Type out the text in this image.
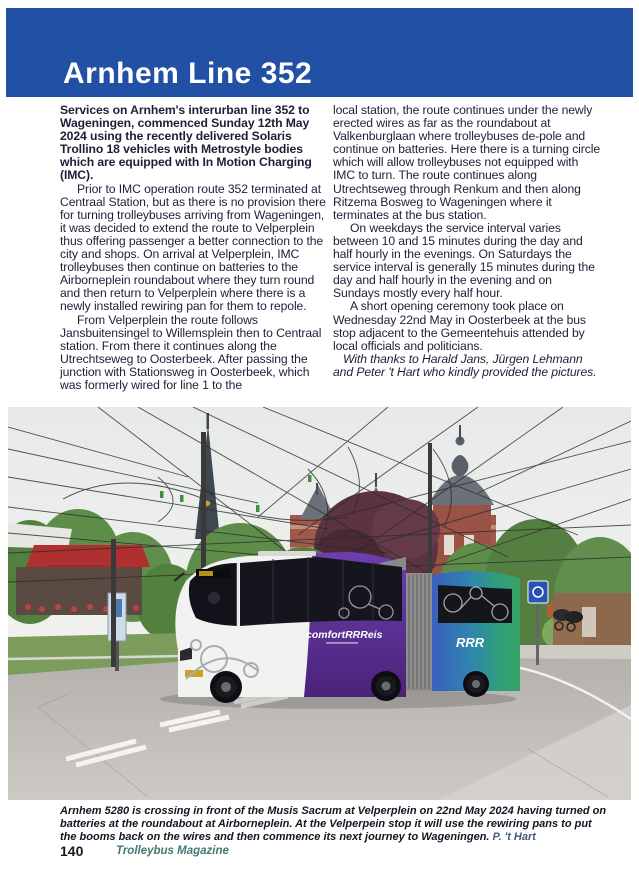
Arnhem Line 352

Services on Arnhem's interurban line 352 to Wageningen, commenced Sunday 12th May 2024 using the recently delivered Solaris Trollino 18 vehicles with Metrostyle bodies which are equipped with In Motion Charging (IMC).

Prior to IMC operation route 352 terminated at Centraal Station, but as there is no provision there for turning trolleybuses arriving from Wageningen, it was decided to extend the route to Velperplein thus offering passenger a better connection to the city and shops. On arrival at Velperplein, IMC trolleybuses then continue on batteries to the Airborneplein roundabout where they turn round and then return to Velperplein where there is a newly installed rewiring pan for them to repole.

From Velperplein the route follows Jansbuitensingel to Willemsplein then to Centraal station. From there it continues along the Utrechtseweg to Oosterbeek. After passing the junction with Stationsweg in Oosterbeek, which was formerly wired for line 1 to the

local station, the route continues under the newly erected wires as far as the roundabout at Valkenburglaan where trolleybuses de-pole and continue on batteries. Here there is a turning circle which will allow trolleybuses not equipped with IMC to turn. The route continues along Utrechtseweg through Renkum and then along Ritzema Bosweg to Wageningen where it terminates at the bus station.

On weekdays the service interval varies between 10 and 15 minutes during the day and half hourly in the evenings. On Saturdays the service interval is generally 15 minutes during the day and half hourly in the evening and on Sundays mostly every half hour.

A short opening ceremony took place on Wednesday 22nd May in Oosterbeek at the bus stop adjacent to the Gemeentehuis attended by local officials and politicians.

With thanks to Harald Jans, Jürgen Lehmann and Peter 't Hart who kindly provided the pictures.

RRR
comfortRRReis

Arnhem 5280 is crossing in front of the Musis Sacrum at Velperplein on 22nd May 2024 having turned on batteries at the roundabout at Airborneplein. At the Velperpein stop it will use the rewiring pans to put the booms back on the wires and then commence its next journey to Wageningen. P. 't Hart

140	Trolleybus Magazine
